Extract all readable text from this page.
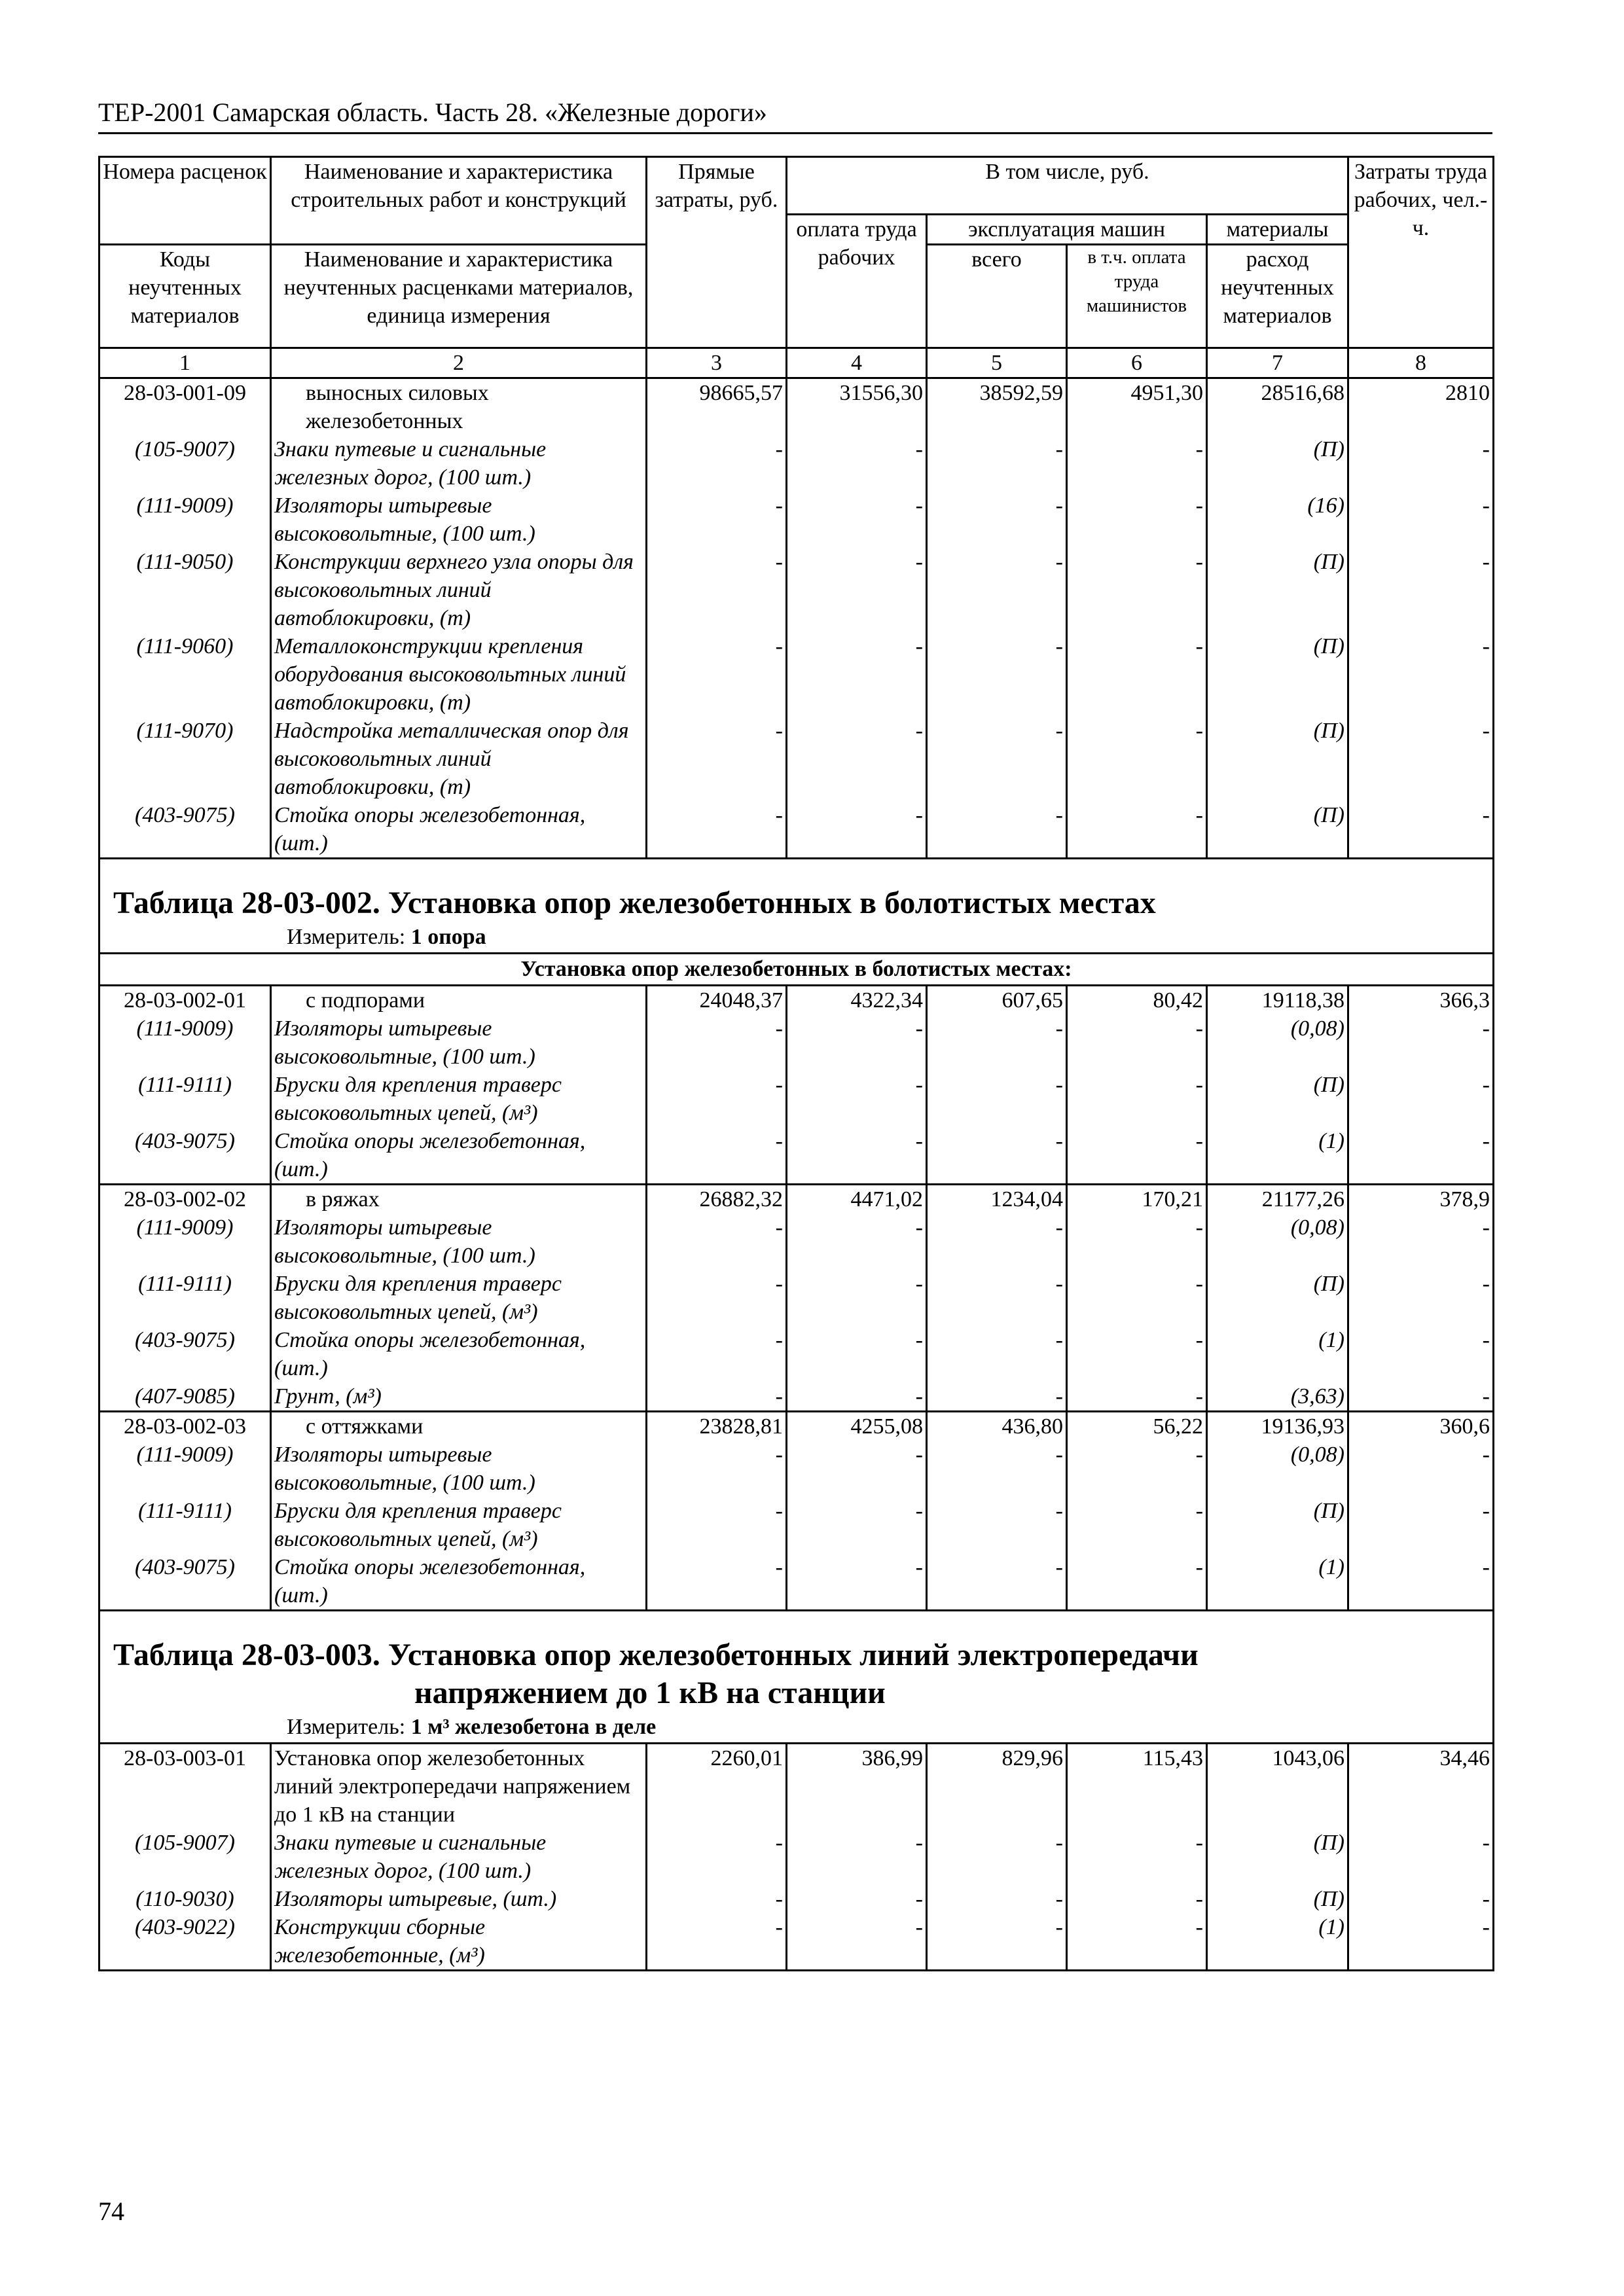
ТЕР-2001 Самарская область. Часть 28. «Железные дороги»
Номера расценок	Наименование и характеристика строительных работ и конструкций	Прямые затраты, руб.	В том числе, руб.				Затраты труда рабочих, чел.-ч.
			оплата труда рабочих	эксплуатация машин		материалы	
Коды неучтенных материалов	Наименование и характеристика неучтенных расценками материалов, единица измерения			всего	в т.ч. оплата труда машинистов	расход неучтенных материалов	
1	2	3	4	5	6	7	8
28-03-001-09	выносных силовых железобетонных	98665,57	31556,30	38592,59	4951,30	28516,68	2810
(105-9007)	Знаки путевые и сигнальные железных дорог, (100 шт.)	-	-	-	-	(П)	-
(111-9009)	Изоляторы штыревые высоковольтные, (100 шт.)	-	-	-	-	(16)	-
(111-9050)	Конструкции верхнего узла опоры для высоковольтных линий автоблокировки, (т)	-	-	-	-	(П)	-
(111-9060)	Металлоконструкции крепления оборудования высоковольтных линий автоблокировки, (т)	-	-	-	-	(П)	-
(111-9070)	Надстройка металлическая опор для высоковольтных линий автоблокировки, (т)	-	-	-	-	(П)	-
(403-9075)	Стойка опоры железобетонная, (шт.)	-	-	-	-	(П)	-
Таблица 28-03-002. Установка опор железобетонных в болотистых местах							
Измеритель: 1 опора							
Установка опор железобетонных в болотистых местах:							
28-03-002-01	с подпорами	24048,37	4322,34	607,65	80,42	19118,38	366,3
(111-9009)	Изоляторы штыревые высоковольтные, (100 шт.)	-	-	-	-	(0,08)	-
(111-9111)	Бруски для крепления траверс высоковольтных цепей, (м³)	-	-	-	-	(П)	-
(403-9075)	Стойка опоры железобетонная, (шт.)	-	-	-	-	(1)	-
28-03-002-02	в ряжах	26882,32	4471,02	1234,04	170,21	21177,26	378,9
(111-9009)	Изоляторы штыревые высоковольтные, (100 шт.)	-	-	-	-	(0,08)	-
(111-9111)	Бруски для крепления траверс высоковольтных цепей, (м³)	-	-	-	-	(П)	-
(403-9075)	Стойка опоры железобетонная, (шт.)	-	-	-	-	(1)	-
(407-9085)	Грунт, (м³)	-	-	-	-	(3,63)	-
28-03-002-03	с оттяжками	23828,81	4255,08	436,80	56,22	19136,93	360,6
(111-9009)	Изоляторы штыревые высоковольтные, (100 шт.)	-	-	-	-	(0,08)	-
(111-9111)	Бруски для крепления траверс высоковольтных цепей, (м³)	-	-	-	-	(П)	-
(403-9075)	Стойка опоры железобетонная, (шт.)	-	-	-	-	(1)	-
Таблица 28-03-003. Установка опор железобетонных линий электропередачи
напряжением до 1 кВ на станции							

Измеритель: 1 м³ железобетона в деле							
28-03-003-01	Установка опор железобетонных линий электропередачи напряжением до 1 кВ на станции	2260,01	386,99	829,96	115,43	1043,06	34,46
(105-9007)	Знаки путевые и сигнальные железных дорог, (100 шт.)	-	-	-	-	(П)	-
(110-9030)	Изоляторы штыревые, (шт.)	-	-	-	-	(П)	-
(403-9022)	Конструкции сборные железобетонные, (м³)	-	-	-	-	(1)	-
74
